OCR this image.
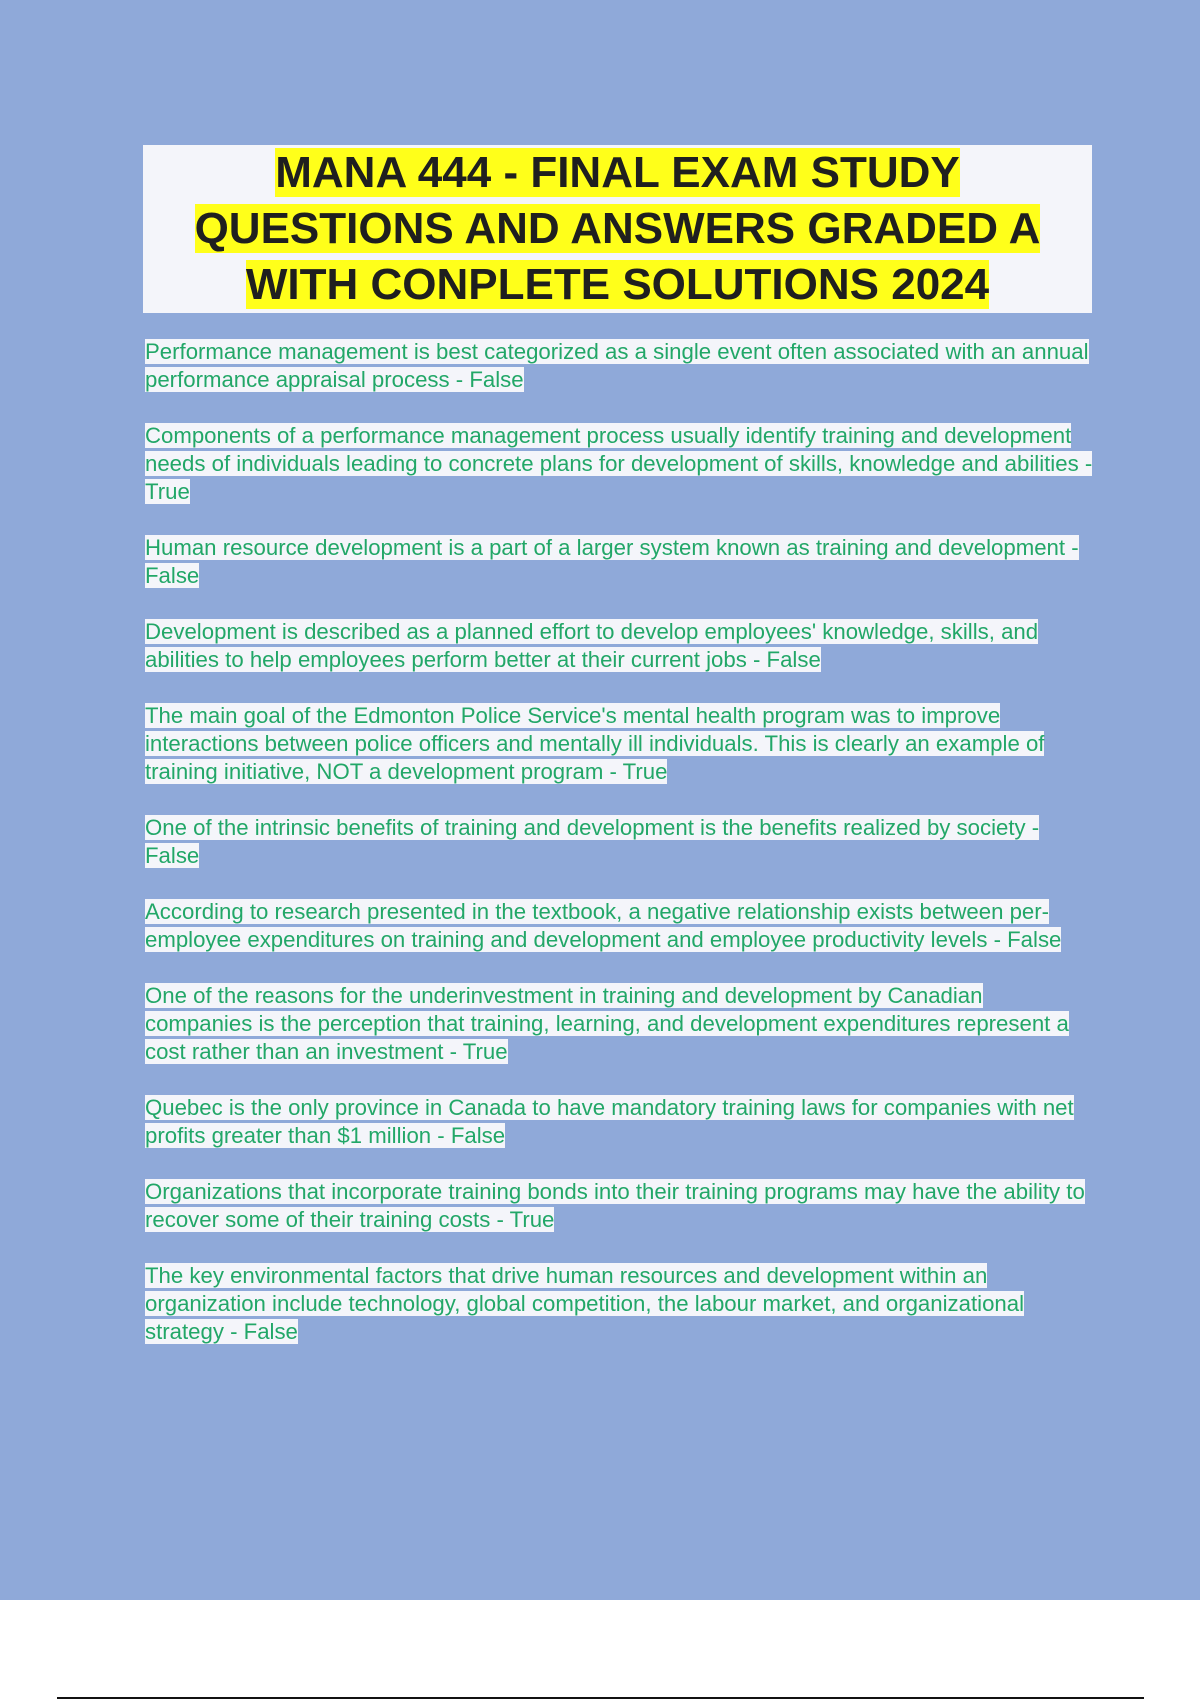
MANA 444 - FINAL EXAM STUDY QUESTIONS AND ANSWERS GRADED A WITH CONPLETE SOLUTIONS 2024
Performance management is best categorized as a single event often associated with an annual performance appraisal process - False
Components of a performance management process usually identify training and development needs of individuals leading to concrete plans for development of skills, knowledge and abilities - True
Human resource development is a part of a larger system known as training and development - False
Development is described as a planned effort to develop employees' knowledge, skills, and abilities to help employees perform better at their current jobs - False
The main goal of the Edmonton Police Service's mental health program was to improve interactions between police officers and mentally ill individuals. This is clearly an example of training initiative, NOT a development program - True
One of the intrinsic benefits of training and development is the benefits realized by society - False
According to research presented in the textbook, a negative relationship exists between per-employee expenditures on training and development and employee productivity levels - False
One of the reasons for the underinvestment in training and development by Canadian companies is the perception that training, learning, and development expenditures represent a cost rather than an investment - True
Quebec is the only province in Canada to have mandatory training laws for companies with net profits greater than $1 million - False
Organizations that incorporate training bonds into their training programs may have the ability to recover some of their training costs - True
The key environmental factors that drive human resources and development within an organization include technology, global competition, the labour market, and organizational strategy - False
